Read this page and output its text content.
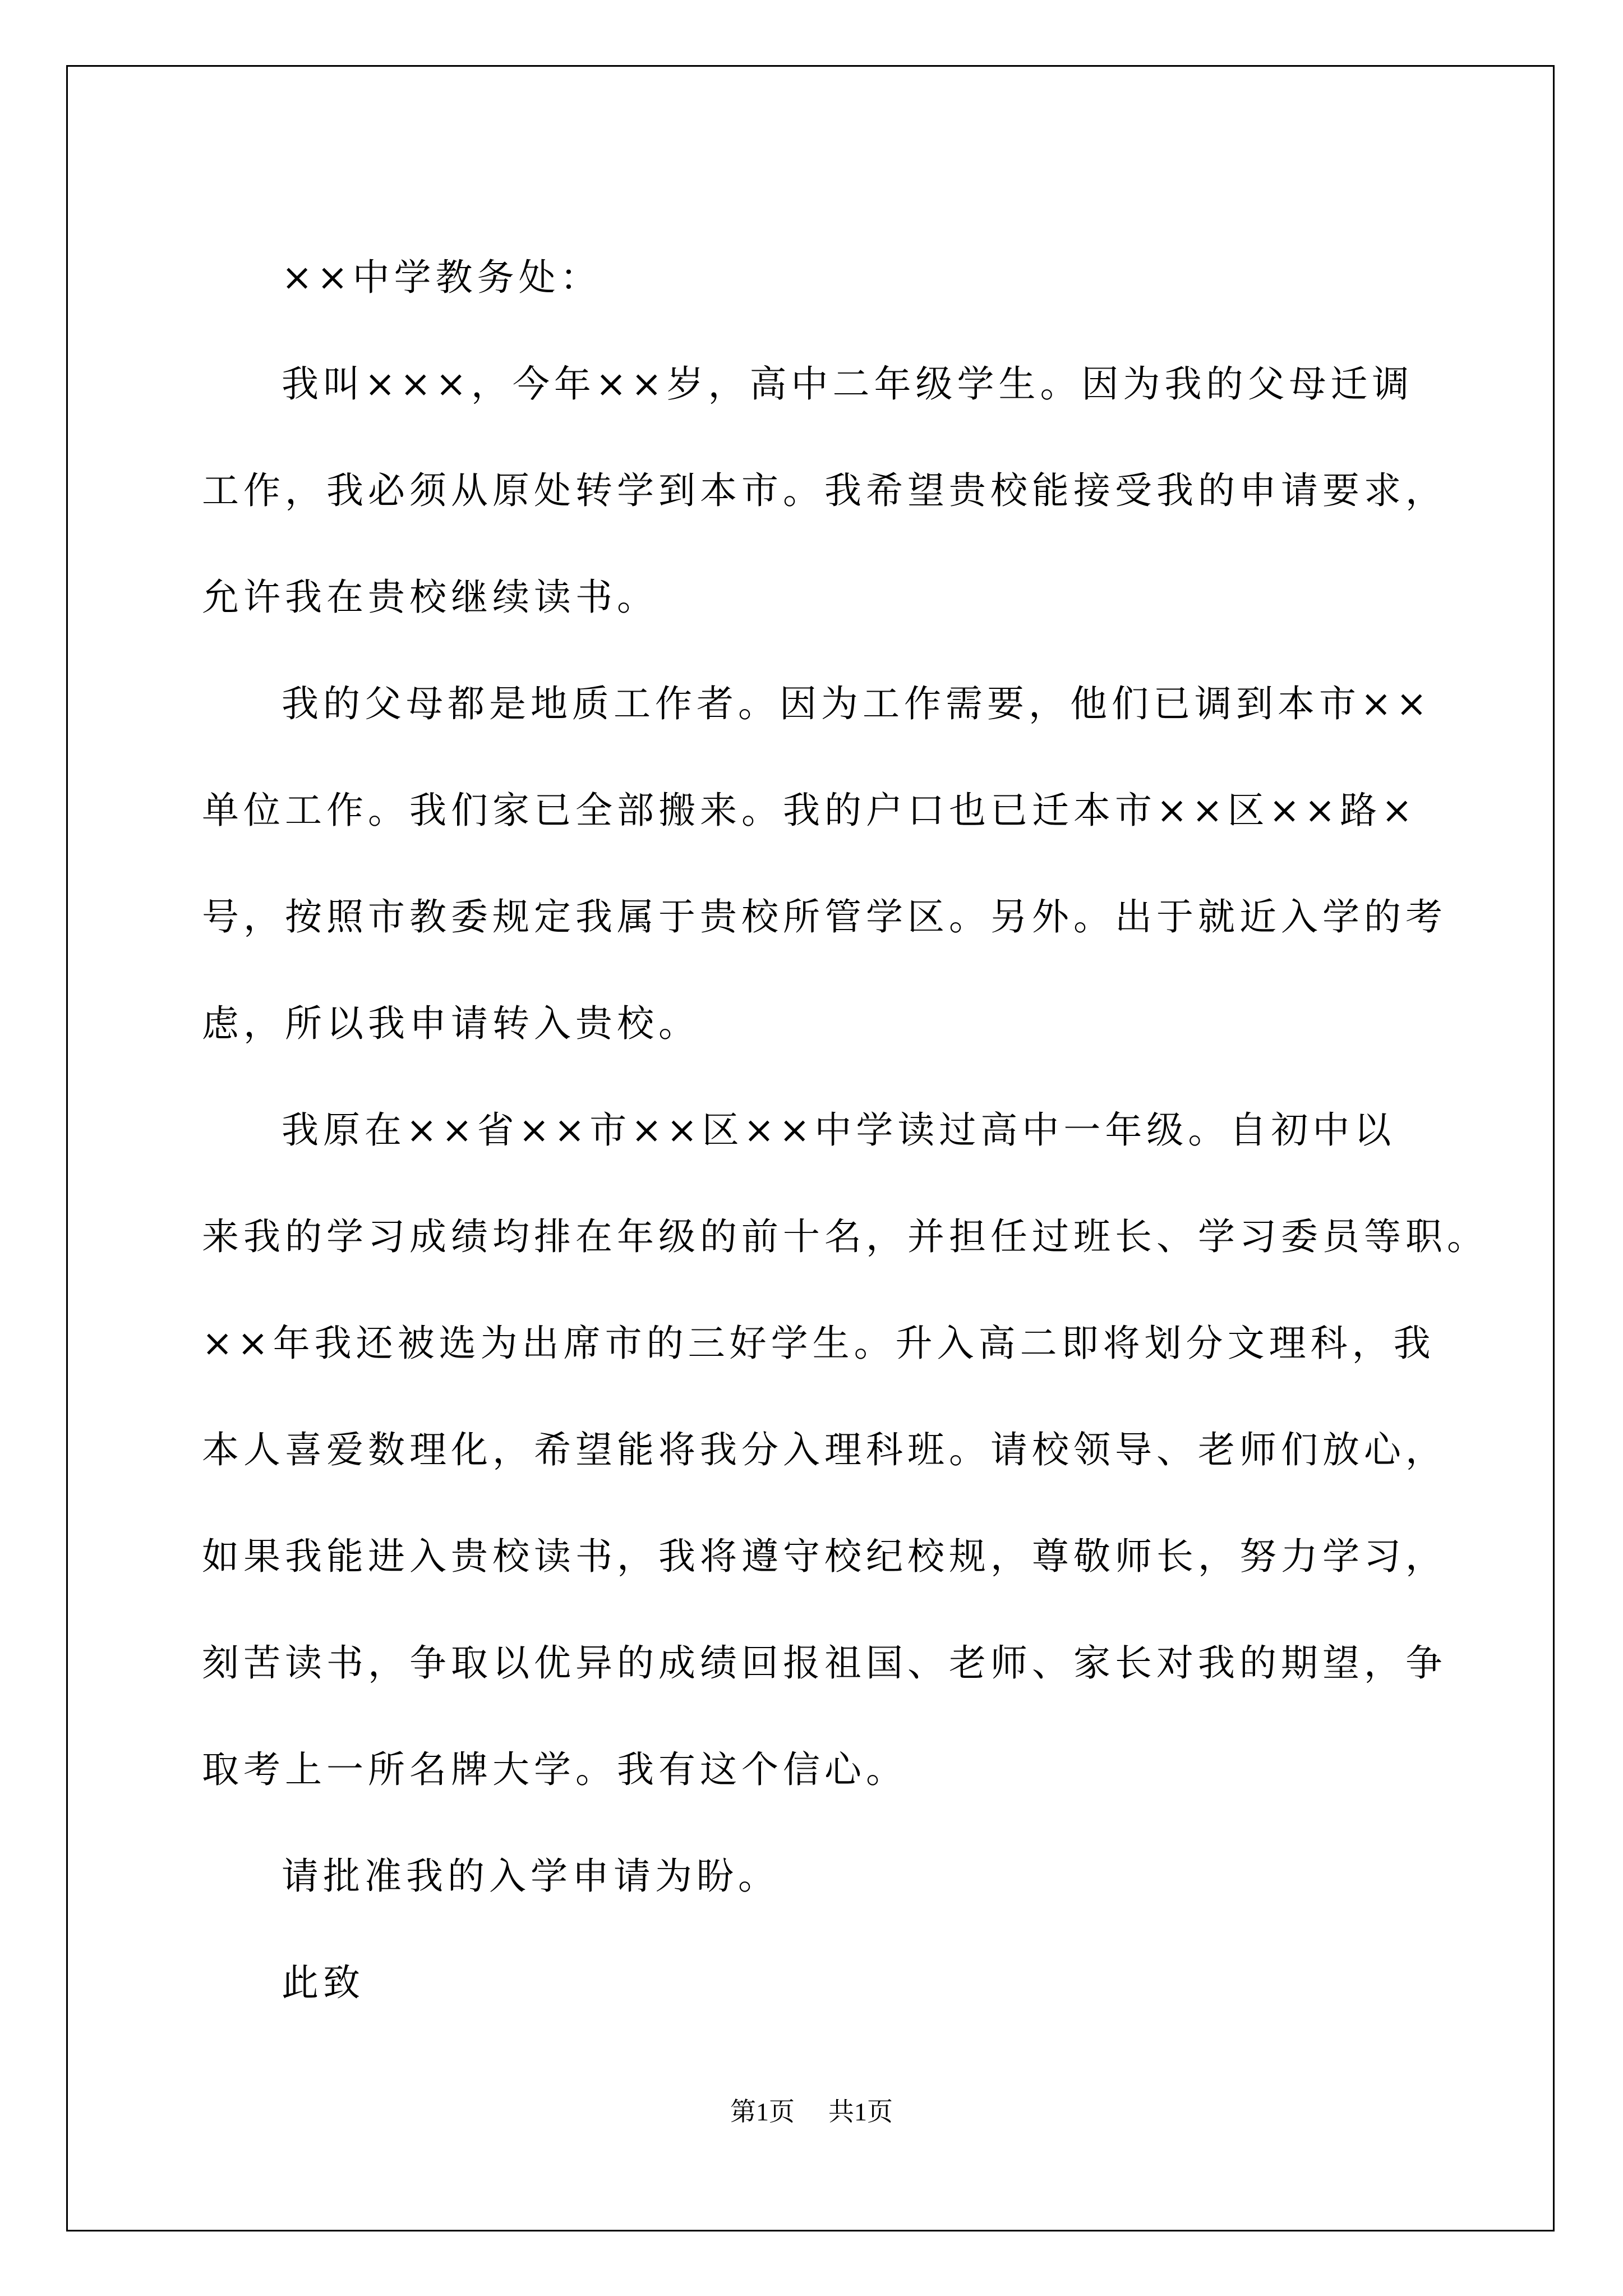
××中学教务处：
我叫×××，今年××岁，高中二年级学生。因为我的父母迁调
工作，我必须从原处转学到本市。我希望贵校能接受我的申请要求，
允许我在贵校继续读书。
我的父母都是地质工作者。因为工作需要，他们已调到本市××
单位工作。我们家已全部搬来。我的户口也已迁本市××区××路×
号，按照市教委规定我属于贵校所管学区。另外。出于就近入学的考
虑，所以我申请转入贵校。
我原在××省××市××区××中学读过高中一年级。自初中以
来我的学习成绩均排在年级的前十名，并担任过班长、学习委员等职。
××年我还被选为出席市的三好学生。升入高二即将划分文理科，我
本人喜爱数理化，希望能将我分入理科班。请校领导、老师们放心，
如果我能进入贵校读书，我将遵守校纪校规，尊敬师长，努力学习，
刻苦读书，争取以优异的成绩回报祖国、老师、家长对我的期望，争
取考上一所名牌大学。我有这个信心。
请批准我的入学申请为盼。
此致
第1页 共1页
